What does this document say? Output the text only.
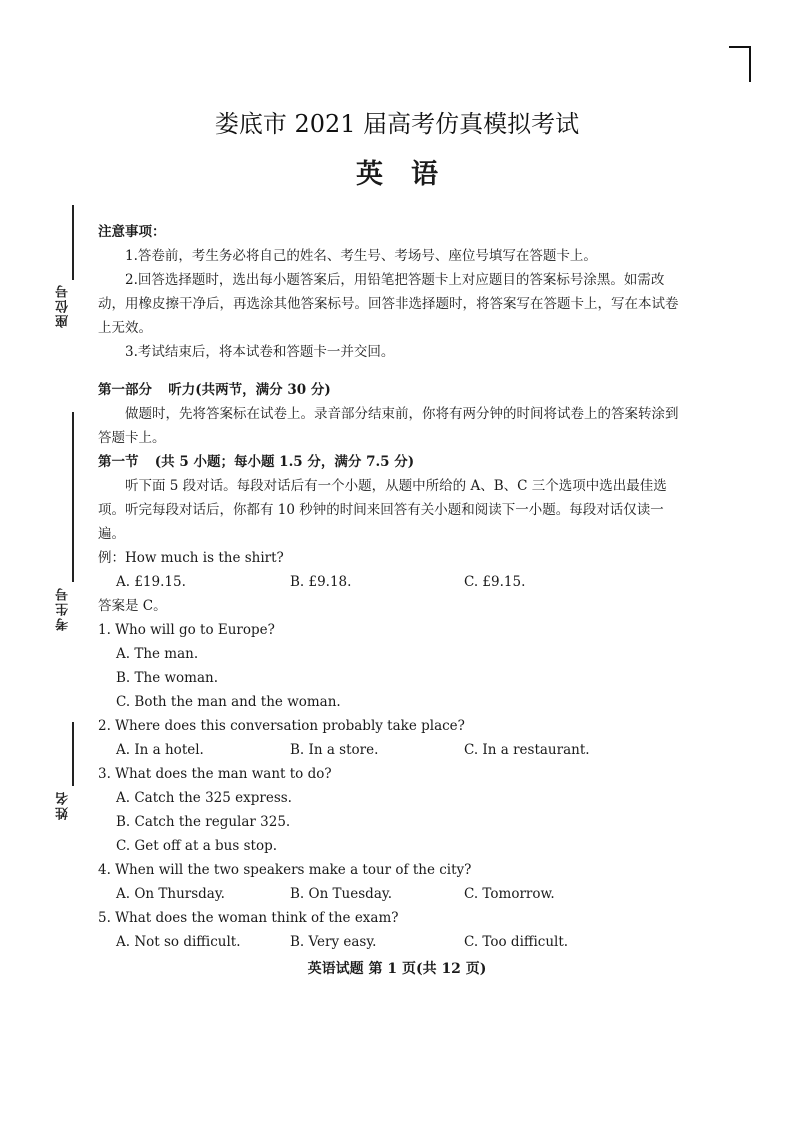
座位号
考生号
姓名
娄底市 2021 届高考仿真模拟考试
英语

注意事项：

1.答卷前，考生务必将自己的姓名、考生号、考场号、座位号填写在答题卡上。

2.回答选择题时，选出每小题答案后，用铅笔把答题卡上对应题目的答案标号涂黑。如需改动，用橡皮擦干净后，再选涂其他答案标号。回答非选择题时，将答案写在答题卡上，写在本试卷上无效。

3.考试结束后，将本试卷和答题卡一并交回。

第一部分 听力(共两节，满分 30 分)

做题时，先将答案标在试卷上。录音部分结束前，你将有两分钟的时间将试卷上的答案转涂到答题卡上。

第一节 (共 5 小题；每小题 1.5 分，满分 7.5 分)

听下面 5 段对话。每段对话后有一个小题，从题中所给的 A、B、C 三个选项中选出最佳选项。听完每段对话后，你都有 10 秒钟的时间来回答有关小题和阅读下一小题。每段对话仅读一遍。

例：How much is the shirt?

A. £19.15.	B. £9.18.	C. £9.15.

答案是 C。

1. Who will go to Europe?

A. The man.

B. The woman.

C. Both the man and the woman.

2. Where does this conversation probably take place?

A. In a hotel.	B. In a store.	C. In a restaurant.

3. What does the man want to do?

A. Catch the 325 express.

B. Catch the regular 325.

C. Get off at a bus stop.

4. When will the two speakers make a tour of the city?

A. On Thursday.	B. On Tuesday.	C. Tomorrow.

5. What does the woman think of the exam?

A. Not so difficult.	B. Very easy.	C. Too difficult.
英语试题 第 1 页(共 12 页)
